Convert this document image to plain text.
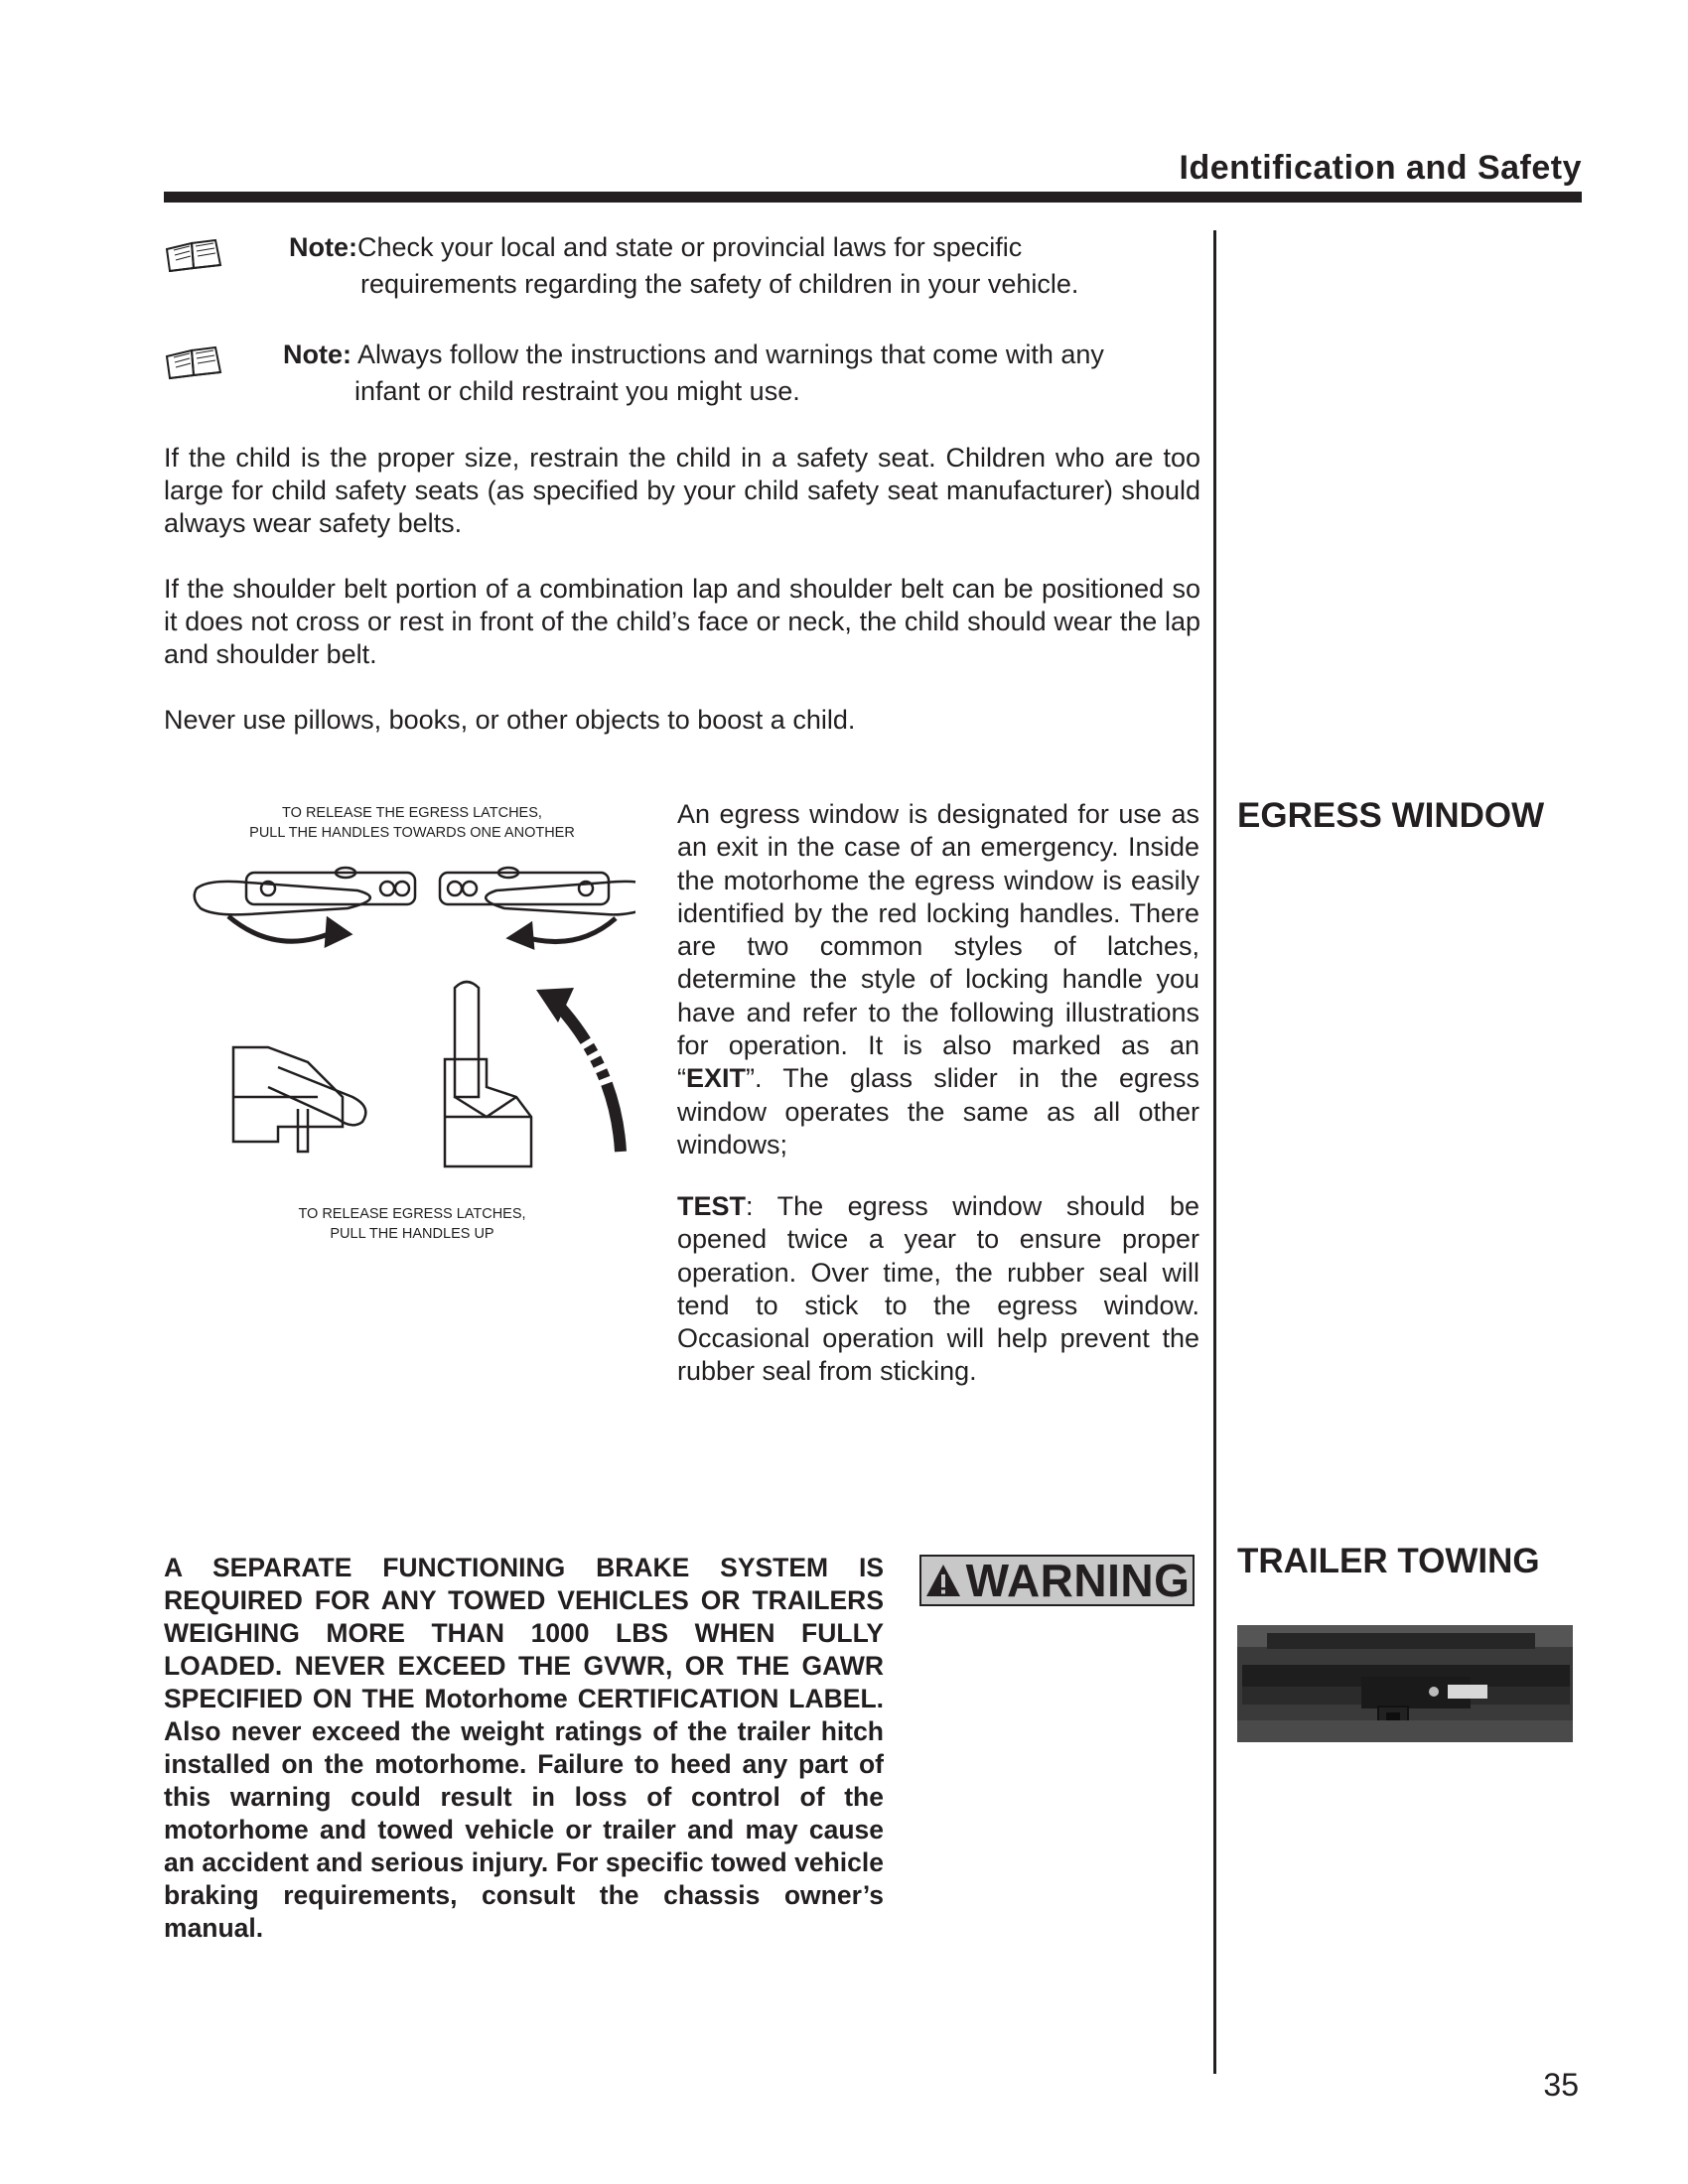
Identification and Safety
Note:Check your local and state or provincial laws for specific
requirements regarding the safety of children in your vehicle.
Note: Always follow the instructions and warnings that come with any
infant or child restraint you might use.
If the child is the proper size, restrain the child in a safety seat. Children who are too large for child safety seats (as specified by your child safety seat manufacturer) should always wear safety belts.
If the shoulder belt portion of a combination lap and shoulder belt can be positioned so it does not cross or rest in front of the child’s face or neck, the child should wear the lap and shoulder belt.
Never use pillows, books, or other objects to boost a child.
TO RELEASE THE EGRESS LATCHES,
PULL THE HANDLES TOWARDS ONE ANOTHER
TO RELEASE EGRESS LATCHES,
PULL THE HANDLES UP
An egress window is designated for use as an exit in the case of an emergency. Inside the motorhome the egress window is easily identified by the red locking handles. There are two common styles of latches, determine the style of locking handle you have and refer to the following illustrations for operation. It is also marked as an “EXIT”. The glass slider in the egress window operates the same as all other windows;
TEST: The egress window should be opened twice a year to ensure proper operation. Over time, the rubber seal will tend to stick to the egress window. Occasional operation will help prevent the rubber seal from sticking.
EGRESS WINDOW
A SEPARATE FUNCTIONING BRAKE SYSTEM IS REQUIRED FOR ANY TOWED VEHICLES OR TRAILERS WEIGHING MORE THAN 1000 LBS WHEN FULLY LOADED. NEVER EXCEED THE GVWR, OR THE GAWR SPECIFIED ON THE Motorhome CERTIFICATION LABEL. Also never exceed the weight ratings of the trailer hitch installed on the motorhome. Failure to heed any part of this warning could result in loss of control of the motorhome and towed vehicle or trailer and may cause an accident and serious injury. For specific towed vehicle braking requirements, consult the chassis owner’s manual.
WARNING TRAILER TOWING
35
